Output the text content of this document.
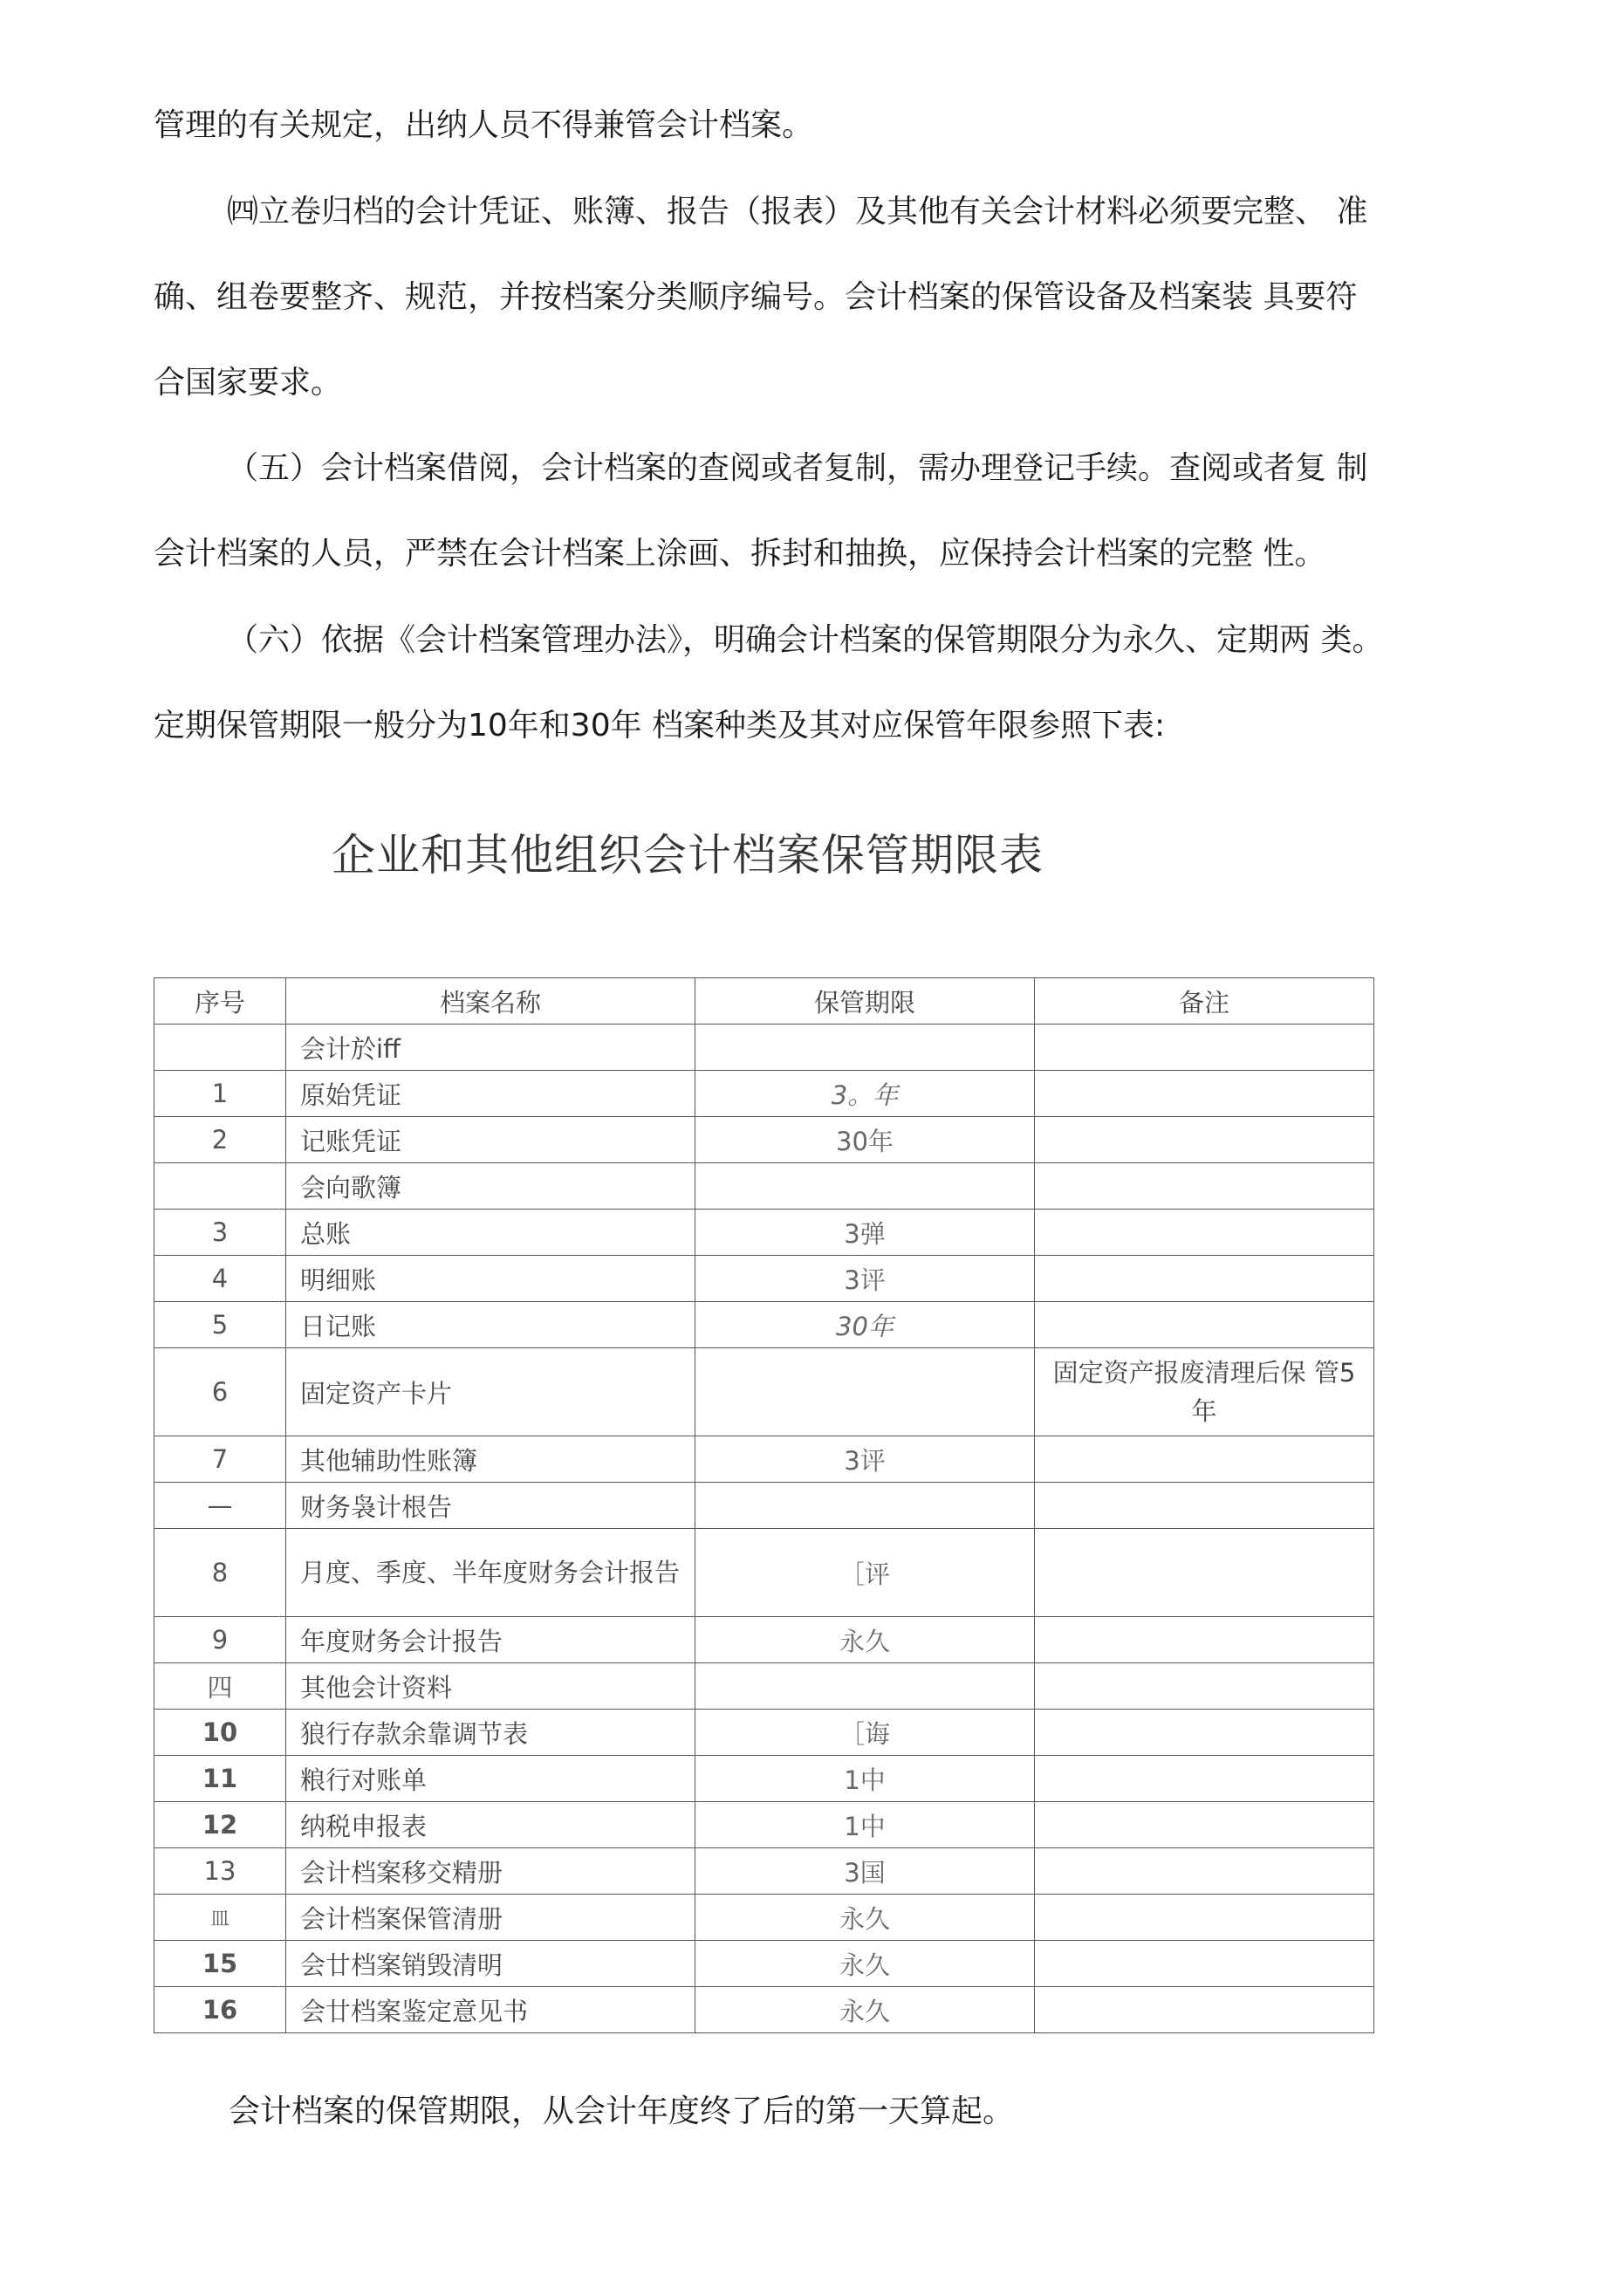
管理的有关规定，出纳人员不得兼管会计档案。
㈣立卷归档的会计凭证、账簿、报告（报表）及其他有关会计材料必须要完整、 准
确、组卷要整齐、规范，并按档案分类顺序编号。会计档案的保管设备及档案装 具要符
合国家要求。
（五）会计档案借阅，会计档案的查阅或者复制，需办理登记手续。查阅或者复 制
会计档案的人员，严禁在会计档案上涂画、拆封和抽换，应保持会计档案的完整 性。
（六）依据《会计档案管理办法》，明确会计档案的保管期限分为永久、定期两 类。
定期保管期限一般分为10年和30年 档案种类及其对应保管年限参照下表:
企业和其他组织会计档案保管期限表
序号	档案名称	保管期限	备注
	会计於iff		
1	原始凭证	3。年	
2	记账凭证	30年	
	会向歌簿		
3	总账	3弹	
4	明细账	3评	
5	日记账	30年	
6	固定资产卡片		固定资产报废清理后保 管5年
7	其他辅助性账簿	3评	
—	财务袅计根告		
8	月度、季度、半年度财务会计报告	［评	
9	年度财务会计报告	永久	
四	其他会计资料		
10	狼行存款余靠调节表	［诲	
11	粮行对账单	1中	
12	纳税申报表	1中	
13	会计档案移交精册	3国	
皿	会计档案保管清册	永久	
15	会廿档案销毁清明	永久	
16	会廿档案鉴定意见书	永久	
会计档案的保管期限，从会计年度终了后的第一天算起。
